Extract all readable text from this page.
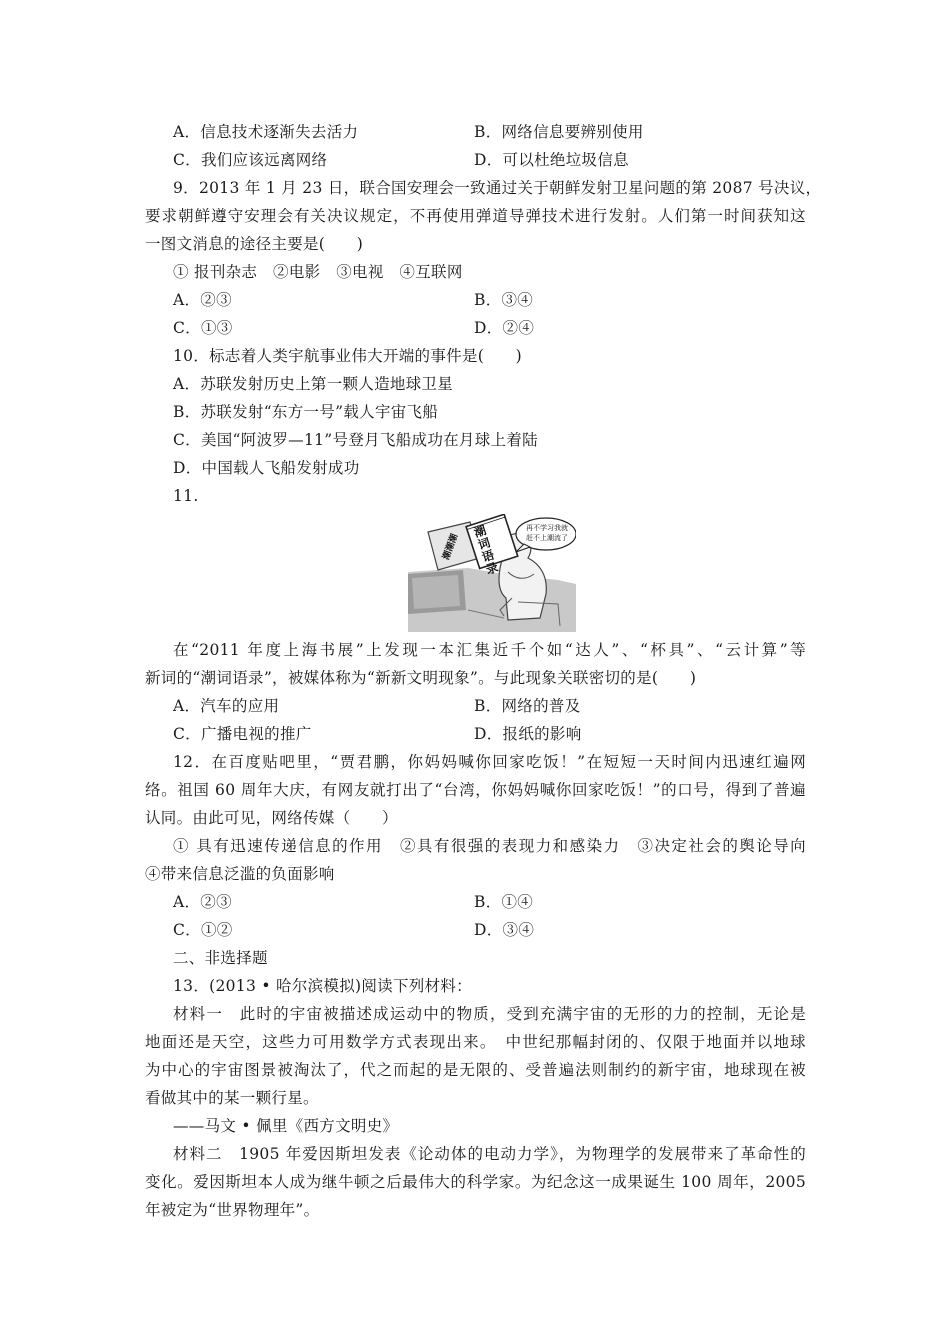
A．信息技术逐渐失去活力	B．网络信息要辨别使用
C．我们应该远离网络	D．可以杜绝垃圾信息
9．2013 年 1 月 23 日，联合国安理会一致通过关于朝鲜发射卫星问题的第 2087 号决议，
要求朝鲜遵守安理会有关决议规定，不再使用弹道导弹技术进行发射。人们第一时间获知这
一图文消息的途径主要是(　　)
① 报刊杂志　②电影　③电视　④互联网
A．②③	B．③④
C．①③	D．②④
10．标志着人类宇航事业伟大开端的事件是(　　)
A．苏联发射历史上第一颗人造地球卫星
B．苏联发射“东方一号”载人宇宙飞船
C．美国“阿波罗—11”号登月飞船成功在月球上着陆
D．中国载人飞船发射成功
11.
潮词语录
再不学习我就
赶不上潮流了
潮潮潮
在“2011 年度上海书展”上发现一本汇集近千个如“达人”、“杯具”、“云计算”等
新词的“潮词语录”，被媒体称为“新新文明现象”。与此现象关联密切的是(　　)
A．汽车的应用	B．网络的普及
C．广播电视的推广	D．报纸的影响
12．在百度贴吧里，“贾君鹏，你妈妈喊你回家吃饭！”在短短一天时间内迅速红遍网
络。祖国 60 周年大庆，有网友就打出了“台湾，你妈妈喊你回家吃饭！”的口号，得到了普遍
认同。由此可见，网络传媒（　　）
① 具有迅速传递信息的作用　②具有很强的表现力和感染力　③决定社会的舆论导向
④带来信息泛滥的负面影响
A．②③	B．①④
C．①②	D．③④
二、非选择题
13．(2013 • 哈尔滨模拟)阅读下列材料：
材料一　此时的宇宙被描述成运动中的物质，受到充满宇宙的无形的力的控制，无论是
地面还是天空，这些力可用数学方式表现出来。　中世纪那幅封闭的、仅限于地面并以地球
为中心的宇宙图景被淘汰了，代之而起的是无限的、受普遍法则制约的新宇宙，地球现在被
看做其中的某一颗行星。
——马文 • 佩里《西方文明史》
材料二　1905 年爱因斯坦发表《论动体的电动力学》，为物理学的发展带来了革命性的
变化。爱因斯坦本人成为继牛顿之后最伟大的科学家。为纪念这一成果诞生 100 周年，2005
年被定为“世界物理年”。
